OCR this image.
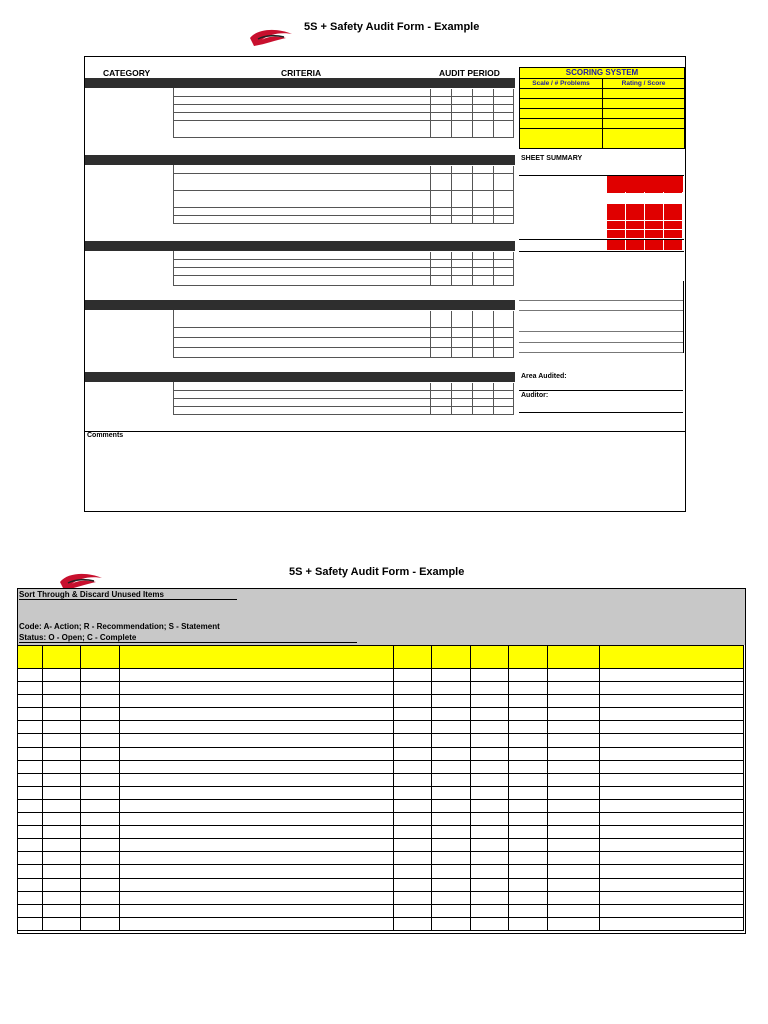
5S + Safety Audit Form - Example
CATEGORY	CRITERIA	AUDIT PERIOD	SCORING SYSTEM
Scale / # Problems	Rating / Score
SHEET SUMMARY
Area Audited:
Auditor:
Comments
5S + Safety Audit Form - Example
Sort Through & Discard Unused Items
Code: A- Action; R - Recommendation; S - Statement
Status: O - Open; C - Complete
